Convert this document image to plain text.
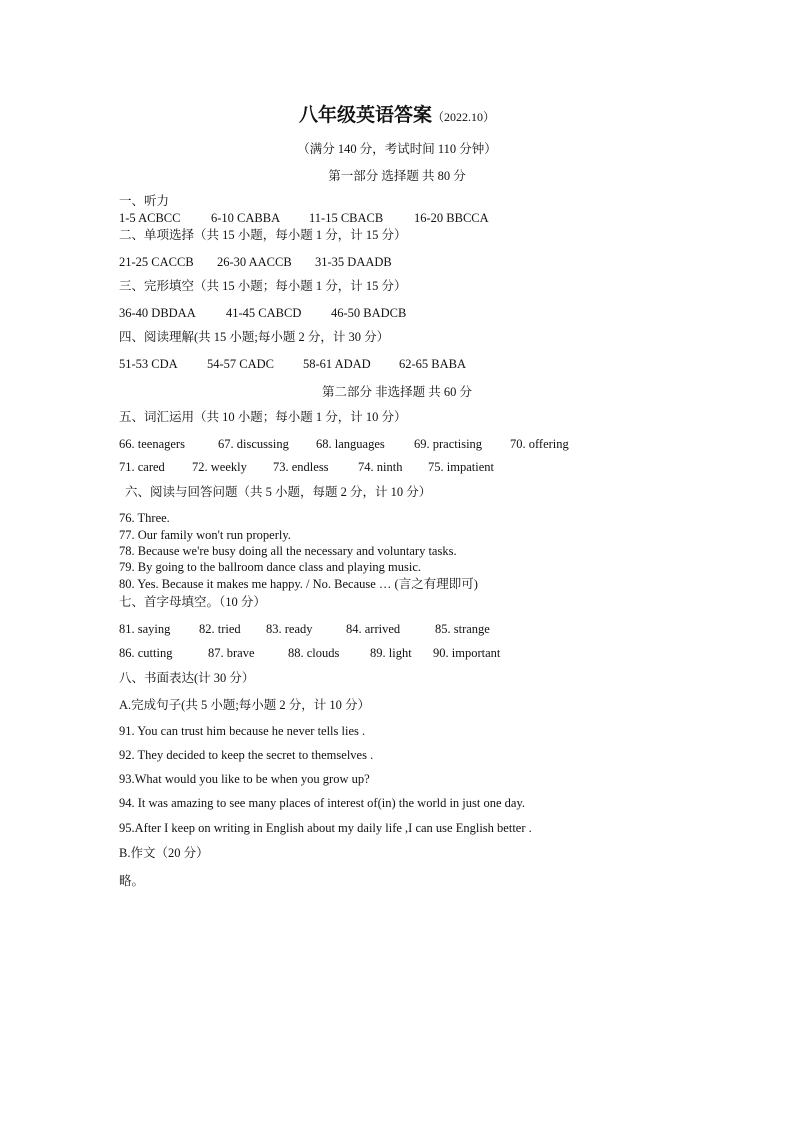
八年级英语答案（2022.10）
（满分 140 分，考试时间 110 分钟）
第一部分 选择题 共 80 分
一、听力
1-5 ACBCC 6-10 CABBA 11-15 CBACB 16-20 BBCCA
二、单项选择（共 15 小题，每小题 1 分，计 15 分）
21-25 CACCB 26-30 AACCB 31-35 DAADB
三、完形填空（共 15 小题；每小题 1 分，计 15 分）
36-40 DBDAA 41-45 CABCD 46-50 BADCB
四、阅读理解(共 15 小题;每小题 2 分，计 30 分）
51-53 CDA 54-57 CADC 58-61 ADAD 62-65 BABA
第二部分 非选择题 共 60 分
五、词汇运用（共 10 小题；每小题 1 分，计 10 分）
66. teenagers	67. discussing 68. languages 69. practising 70. offering
71. cared 72. weekly 73. endless 74. ninth 75. impatient
六、阅读与回答问题（共 5 小题，每题 2 分，计 10 分）
76. Three.
77. Our family won't run properly.
78. Because we're busy doing all the necessary and voluntary tasks.
79. By going to the ballroom dance class and playing music.
80. Yes. Because it makes me happy. / No. Because … (言之有理即可)
七、首字母填空。（10 分）
81. saying 82. tried 83. ready	84. arrived	85. strange
86. cutting	87. brave	88. clouds 89. light 90. important
八、书面表达(计 30 分）
A.完成句子(共 5 小题;每小题 2 分，计 10 分）
91. You can trust him because he never tells lies .
92. They decided to keep the secret to themselves .
93.What would you like to be when you grow up?
94. It was amazing to see many places of interest of(in) the world in just one day.
95.After I keep on writing in English about my daily life ,I can use English better .
B.作文（20 分）
略。
